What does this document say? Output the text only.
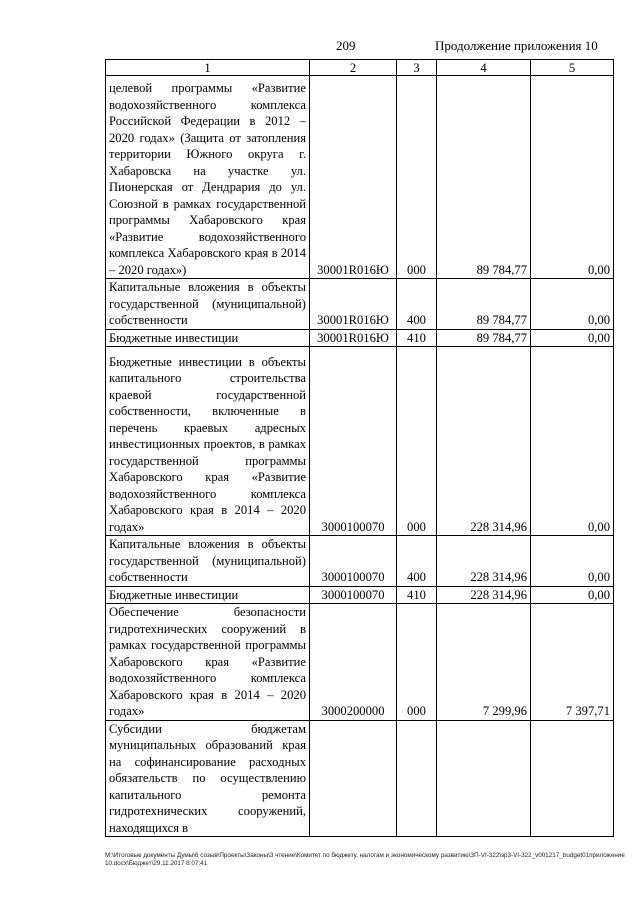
209	Продолжение приложения 10
1	2	3	4	5
целевой программы «Развитие водохозяйственного комплекса Российской Федерации в 2012 – 2020 годах» (Защита от затопления территории Южного округа г. Хабаровска на участке ул. Пионерская от Дендрария до ул. Союзной в рамках государственной программы Хабаровского края «Развитие водохозяйственного комплекса Хабаровского края в 2014 – 2020 годах»)	30001R016Ю	000	89 784,77	0,00
Капитальные вложения в объекты государственной (муниципальной) собственности	30001R016Ю	400	89 784,77	0,00
Бюджетные инвестиции	30001R016Ю	410	89 784,77	0,00
Бюджетные инвестиции в объекты капитального строительства краевой государственной собственности, включенные в перечень краевых адресных инвестиционных проектов, в рамках государственной программы Хабаровского края «Развитие водохозяйственного комплекса Хабаровского края в 2014 – 2020 годах»	3000100070	000	228 314,96	0,00
Капитальные вложения в объекты государственной (муниципальной) собственности	3000100070	400	228 314,96	0,00
Бюджетные инвестиции	3000100070	410	228 314,96	0,00
Обеспечение безопасности гидротехнических сооружений в рамках государственной программы Хабаровского края «Развитие водохозяйственного комплекса Хабаровского края в 2014 – 2020 годах»	3000200000	000	7 299,96	7 397,71
Субсидии бюджетам муниципальных образований края на софинансирование расходных обязательств по осуществлению капитального ремонта гидротехнических сооружений, находящихся в				
M:\Итоговые документы Думы\6 созыв\Проекты\Законы\3 чтение\Комитет по бюджету, налогам и экономическому развитию\ЗП-VI-322\зр3-VI-322_v001217_budget01приложение 10.docx\Бюджет\29.11.2017 8:07:41
